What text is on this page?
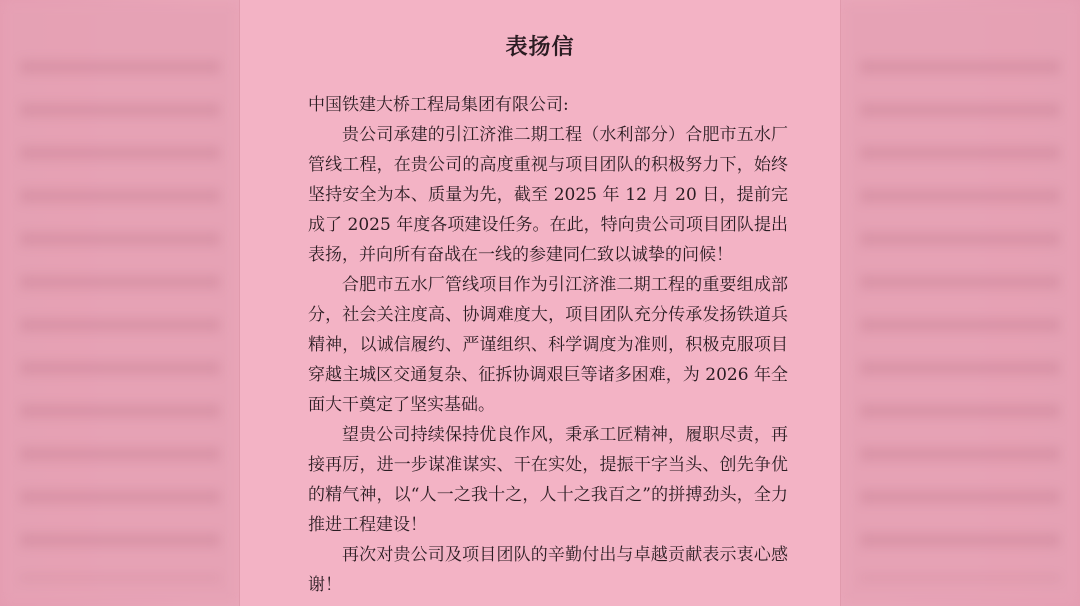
表扬信

中国铁建大桥工程局集团有限公司:

贵公司承建的引江济淮二期工程（水利部分）合肥市五水厂管线工程，在贵公司的高度重视与项目团队的积极努力下，始终坚持安全为本、质量为先，截至 2025 年 12 月 20 日，提前完成了 2025 年度各项建设任务。在此，特向贵公司项目团队提出表扬，并向所有奋战在一线的参建同仁致以诚挚的问候！

合肥市五水厂管线项目作为引江济淮二期工程的重要组成部分，社会关注度高、协调难度大，项目团队充分传承发扬铁道兵精神，以诚信履约、严谨组织、科学调度为准则，积极克服项目穿越主城区交通复杂、征拆协调艰巨等诸多困难，为 2026 年全面大干奠定了坚实基础。

望贵公司持续保持优良作风，秉承工匠精神，履职尽责，再接再厉，进一步谋准谋实、干在实处，提振干字当头、创先争优的精气神，以“人一之我十之，人十之我百之”的拼搏劲头，全力推进工程建设！

再次对贵公司及项目团队的辛勤付出与卓越贡献表示衷心感谢！
